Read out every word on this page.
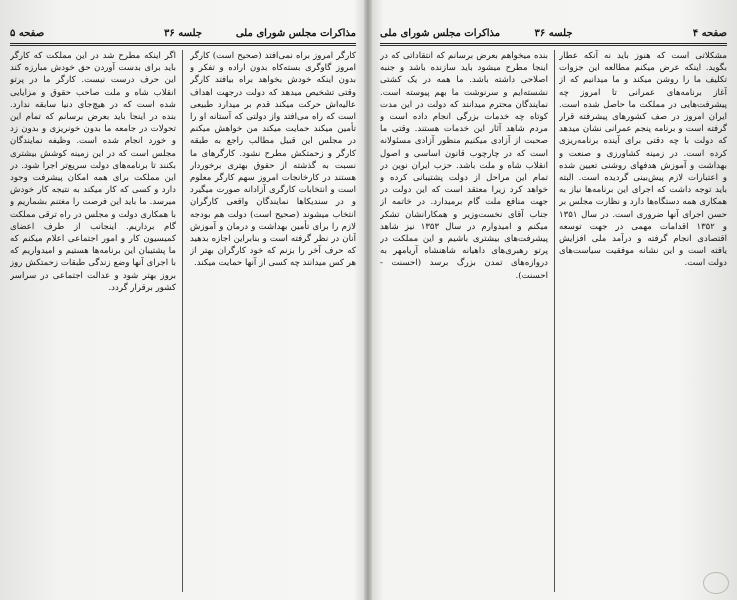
مذاکرات مجلس شورای ملی
جلسه ۳۶
صفحه ۵

کارگر امروز براه نمی‌افتد (صحیح است) کارگر امروز گاوگری بسته‌کاه بدون اراده و تفکر و بدون اینکه خودش بخواهد براه بیافتد کارگر وقتی تشخیص میدهد که دولت درجهت اهداف عالیه‌اش حرکت میکند قدم بر میدارد طبیعی است که راه می‌افتد واز دولتی که آستانه او را تأمین میکند حمایت میکند من خواهش میکنم در مجلس این قبیل مطالب راجع به طبقه کارگر و زحمتکش مطرح نشود. کارگرهای ما نسبت به گذشته از حقوق بهتری برخوردار هستند در کارخانجات امروز سهم کارگر معلوم است و انتخابات کارگری آزادانه صورت میگیرد و در سندیکاها نمایندگان واقعی کارگران انتخاب میشوند (صحیح است) دولت هم بودجه لازم را برای تأمین بهداشت و درمان و آموزش آنان در نظر گرفته است و بنابراین اجازه بدهید که حرف آخر را بزنم که خود کارگران بهتر از هر کس میدانند چه کسی از آنها حمایت میکند.

اگر اینکه مطرح شد در این مملکت که کارگر باید برای بدست آوردن حق خودش مبارزه کند این حرف درست نیست. کارگر ما در پرتو انقلاب شاه و ملت صاحب حقوق و مزایایی شده است که در هیچ‌جای دنیا سابقه ندارد. بنده در اینجا باید بعرض برسانم که تمام این تحولات در جامعه ما بدون خونریزی و بدون زد و خورد انجام شده است. وظیفه نمایندگان مجلس است که در این زمینه کوشش بیشتری بکنند تا برنامه‌های دولت سریع‌تر اجرا شود. در این مملکت برای همه امکان پیشرفت وجود دارد و کسی که کار میکند به نتیجه کار خودش میرسد. ما باید این فرصت را مغتنم بشماریم و با همکاری دولت و مجلس در راه ترقی مملکت گام برداریم. اینجانب از طرف اعضای کمیسیون کار و امور اجتماعی اعلام میکنم که ما پشتیبان این برنامه‌ها هستیم و امیدواریم که با اجرای آنها وضع زندگی طبقات زحمتکش روز بروز بهتر شود و عدالت اجتماعی در سراسر کشور برقرار گردد.

مذاکرات مجلس شورای ملی	جلسه ۳۶	صفحه ۴

مشکلاتی است که هنوز باید نه آنکه عطار بگوید. اینکه عرض میکنم مطالعه این جزوات تکلیف ما را روشن میکند و ما میدانیم که از آغاز برنامه‌های عمرانی تا امروز چه پیشرفت‌هایی در مملکت ما حاصل شده است. ایران امروز در صف کشورهای پیشرفته قرار گرفته است و برنامه پنجم عمرانی نشان میدهد که دولت با چه دقتی برای آینده برنامه‌ریزی کرده است. در زمینه کشاورزی و صنعت و بهداشت و آموزش هدفهای روشنی تعیین شده و اعتبارات لازم پیش‌بینی گردیده است. البته باید توجه داشت که اجرای این برنامه‌ها نیاز به همکاری همه دستگاه‌ها دارد و نظارت مجلس بر حسن اجرای آنها ضروری است. در سال ۱۳۵۱ و ۱۳۵۲ اقدامات مهمی در جهت توسعه اقتصادی انجام گرفته و درآمد ملی افزایش یافته است و این نشانه موفقیت سیاست‌های دولت است.

بنده میخواهم بعرض برسانم که انتقاداتی که در اینجا مطرح میشود باید سازنده باشد و جنبه اصلاحی داشته باشد. ما همه در یک کشتی نشسته‌ایم و سرنوشت ما بهم پیوسته است. نمایندگان محترم میدانند که دولت در این مدت کوتاه چه خدمات بزرگی انجام داده است و مردم شاهد آثار این خدمات هستند. وقتی ما صحبت از آزادی میکنیم منظور آزادی مسئولانه است که در چارچوب قانون اساسی و اصول انقلاب شاه و ملت باشد. حزب ایران نوین در تمام این مراحل از دولت پشتیبانی کرده و خواهد کرد زیرا معتقد است که این دولت در جهت منافع ملت گام برمیدارد. در خاتمه از جناب آقای نخست‌وزیر و همکارانشان تشکر میکنم و امیدوارم در سال ۱۳۵۳ نیز شاهد پیشرفت‌های بیشتری باشیم و این مملکت در پرتو رهبری‌های داهیانه شاهنشاه آریامهر به دروازه‌های تمدن بزرگ برسد (احسنت - احسنت).
